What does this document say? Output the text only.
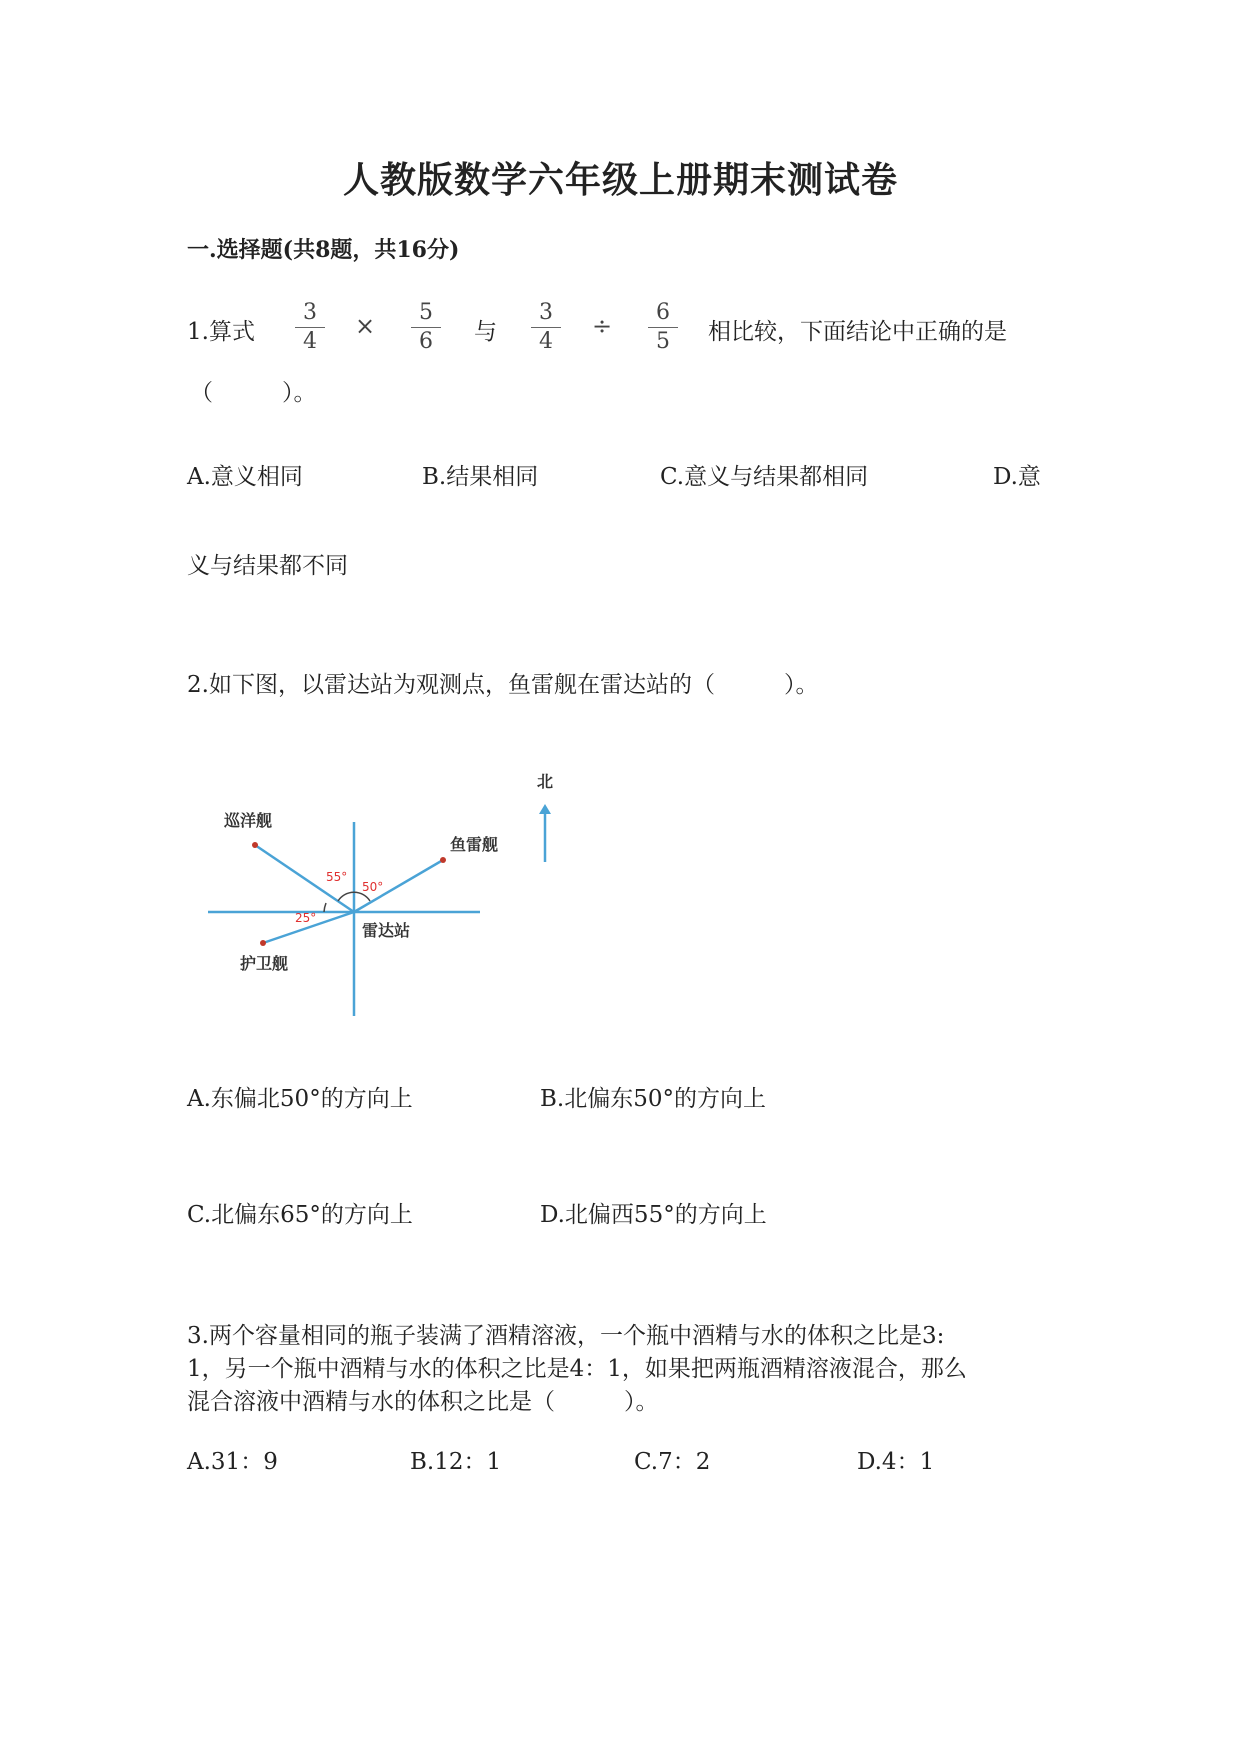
人教版数学六年级上册期末测试卷
一.选择题(共8题，共16分)
1.算式 $\frac{3}{4} \times \frac{5}{6}$ 与 $\frac{3}{4} \div \frac{6}{5}$ 相比较，下面结论中正确的是
（　　　）。
A.意义相同	B.结果相同	C.意义与结果都相同	D.意
义与结果都不同
2.如下图，以雷达站为观测点，鱼雷舰在雷达站的（　　　）。
巡洋舰
鱼雷舰
雷达站
护卫舰
55°
50°
25°
北
A.东偏北50°的方向上	B.北偏东50°的方向上
C.北偏东65°的方向上	D.北偏西55°的方向上
3.两个容量相同的瓶子装满了酒精溶液，一个瓶中酒精与水的体积之比是3:
1，另一个瓶中酒精与水的体积之比是4：1，如果把两瓶酒精溶液混合，那么
混合溶液中酒精与水的体积之比是（　　　）。
A.31：9	B.12：1	C.7：2	D.4：1
